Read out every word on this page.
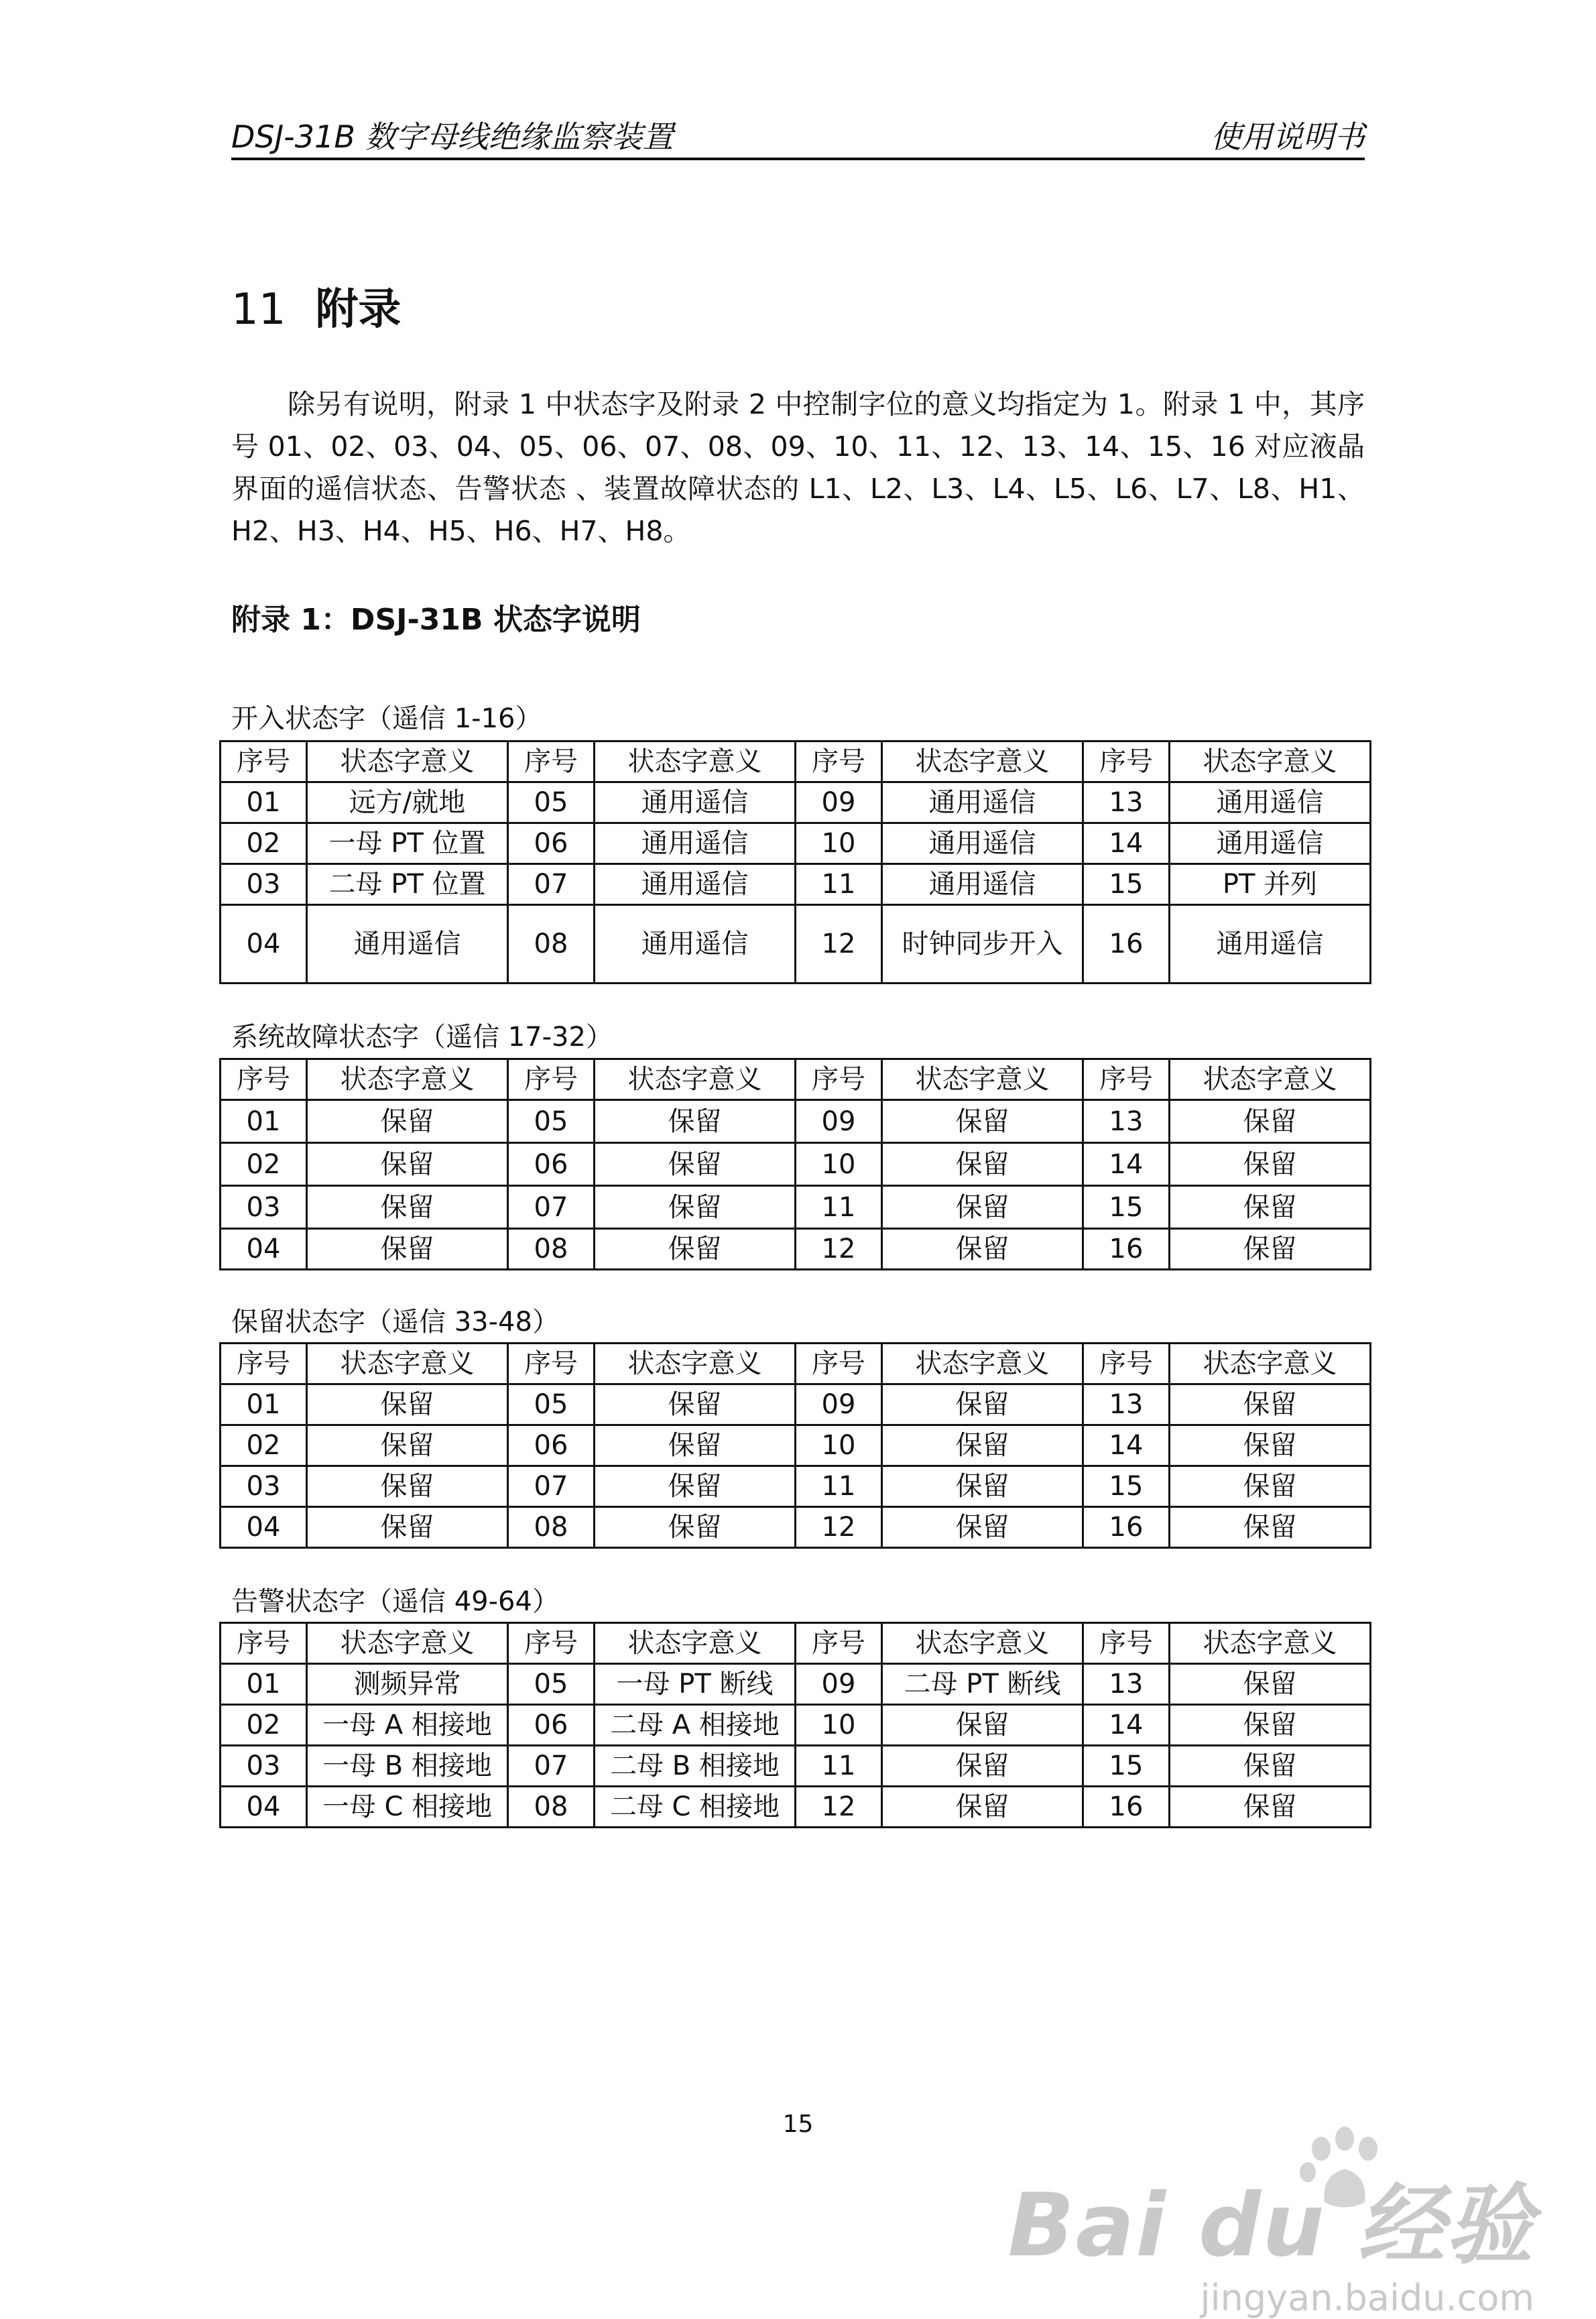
DSJ-31B 数字母线绝缘监察装置	使用说明书
11 附录

除另有说明，附录 1 中状态字及附录 2 中控制字位的意义均指定为 1。附录 1 中，其序号 01、02、03、04、05、06、07、08、09、10、11、12、13、14、15、16 对应液晶界面的遥信状态、告警状态 、装置故障状态的 L1、L2、L3、L4、L5、L6、L7、L8、H1、H2、H3、H4、H5、H6、H7、H8。

附录 1：DSJ-31B 状态字说明
开入状态字（遥信 1-16）
序号	状态字意义	序号	状态字意义	序号	状态字意义	序号	状态字意义
01	远方/就地	05	通用遥信	09	通用遥信	13	通用遥信
02	一母 PT 位置	06	通用遥信	10	通用遥信	14	通用遥信
03	二母 PT 位置	07	通用遥信	11	通用遥信	15	PT 并列
04	通用遥信	08	通用遥信	12	时钟同步开入	16	通用遥信
系统故障状态字（遥信 17-32）
序号	状态字意义	序号	状态字意义	序号	状态字意义	序号	状态字意义
01	保留	05	保留	09	保留	13	保留
02	保留	06	保留	10	保留	14	保留
03	保留	07	保留	11	保留	15	保留
04	保留	08	保留	12	保留	16	保留
保留状态字（遥信 33-48）
序号	状态字意义	序号	状态字意义	序号	状态字意义	序号	状态字意义
01	保留	05	保留	09	保留	13	保留
02	保留	06	保留	10	保留	14	保留
03	保留	07	保留	11	保留	15	保留
04	保留	08	保留	12	保留	16	保留
告警状态字（遥信 49-64）
序号	状态字意义	序号	状态字意义	序号	状态字意义	序号	状态字意义
01	测频异常	05	一母 PT 断线	09	二母 PT 断线	13	保留
02	一母 A 相接地	06	二母 A 相接地	10	保留	14	保留
03	一母 B 相接地	07	二母 B 相接地	11	保留	15	保留
04	一母 C 相接地	08	二母 C 相接地	12	保留	16	保留
15
Bai du 经验
jingyan.baidu.com
